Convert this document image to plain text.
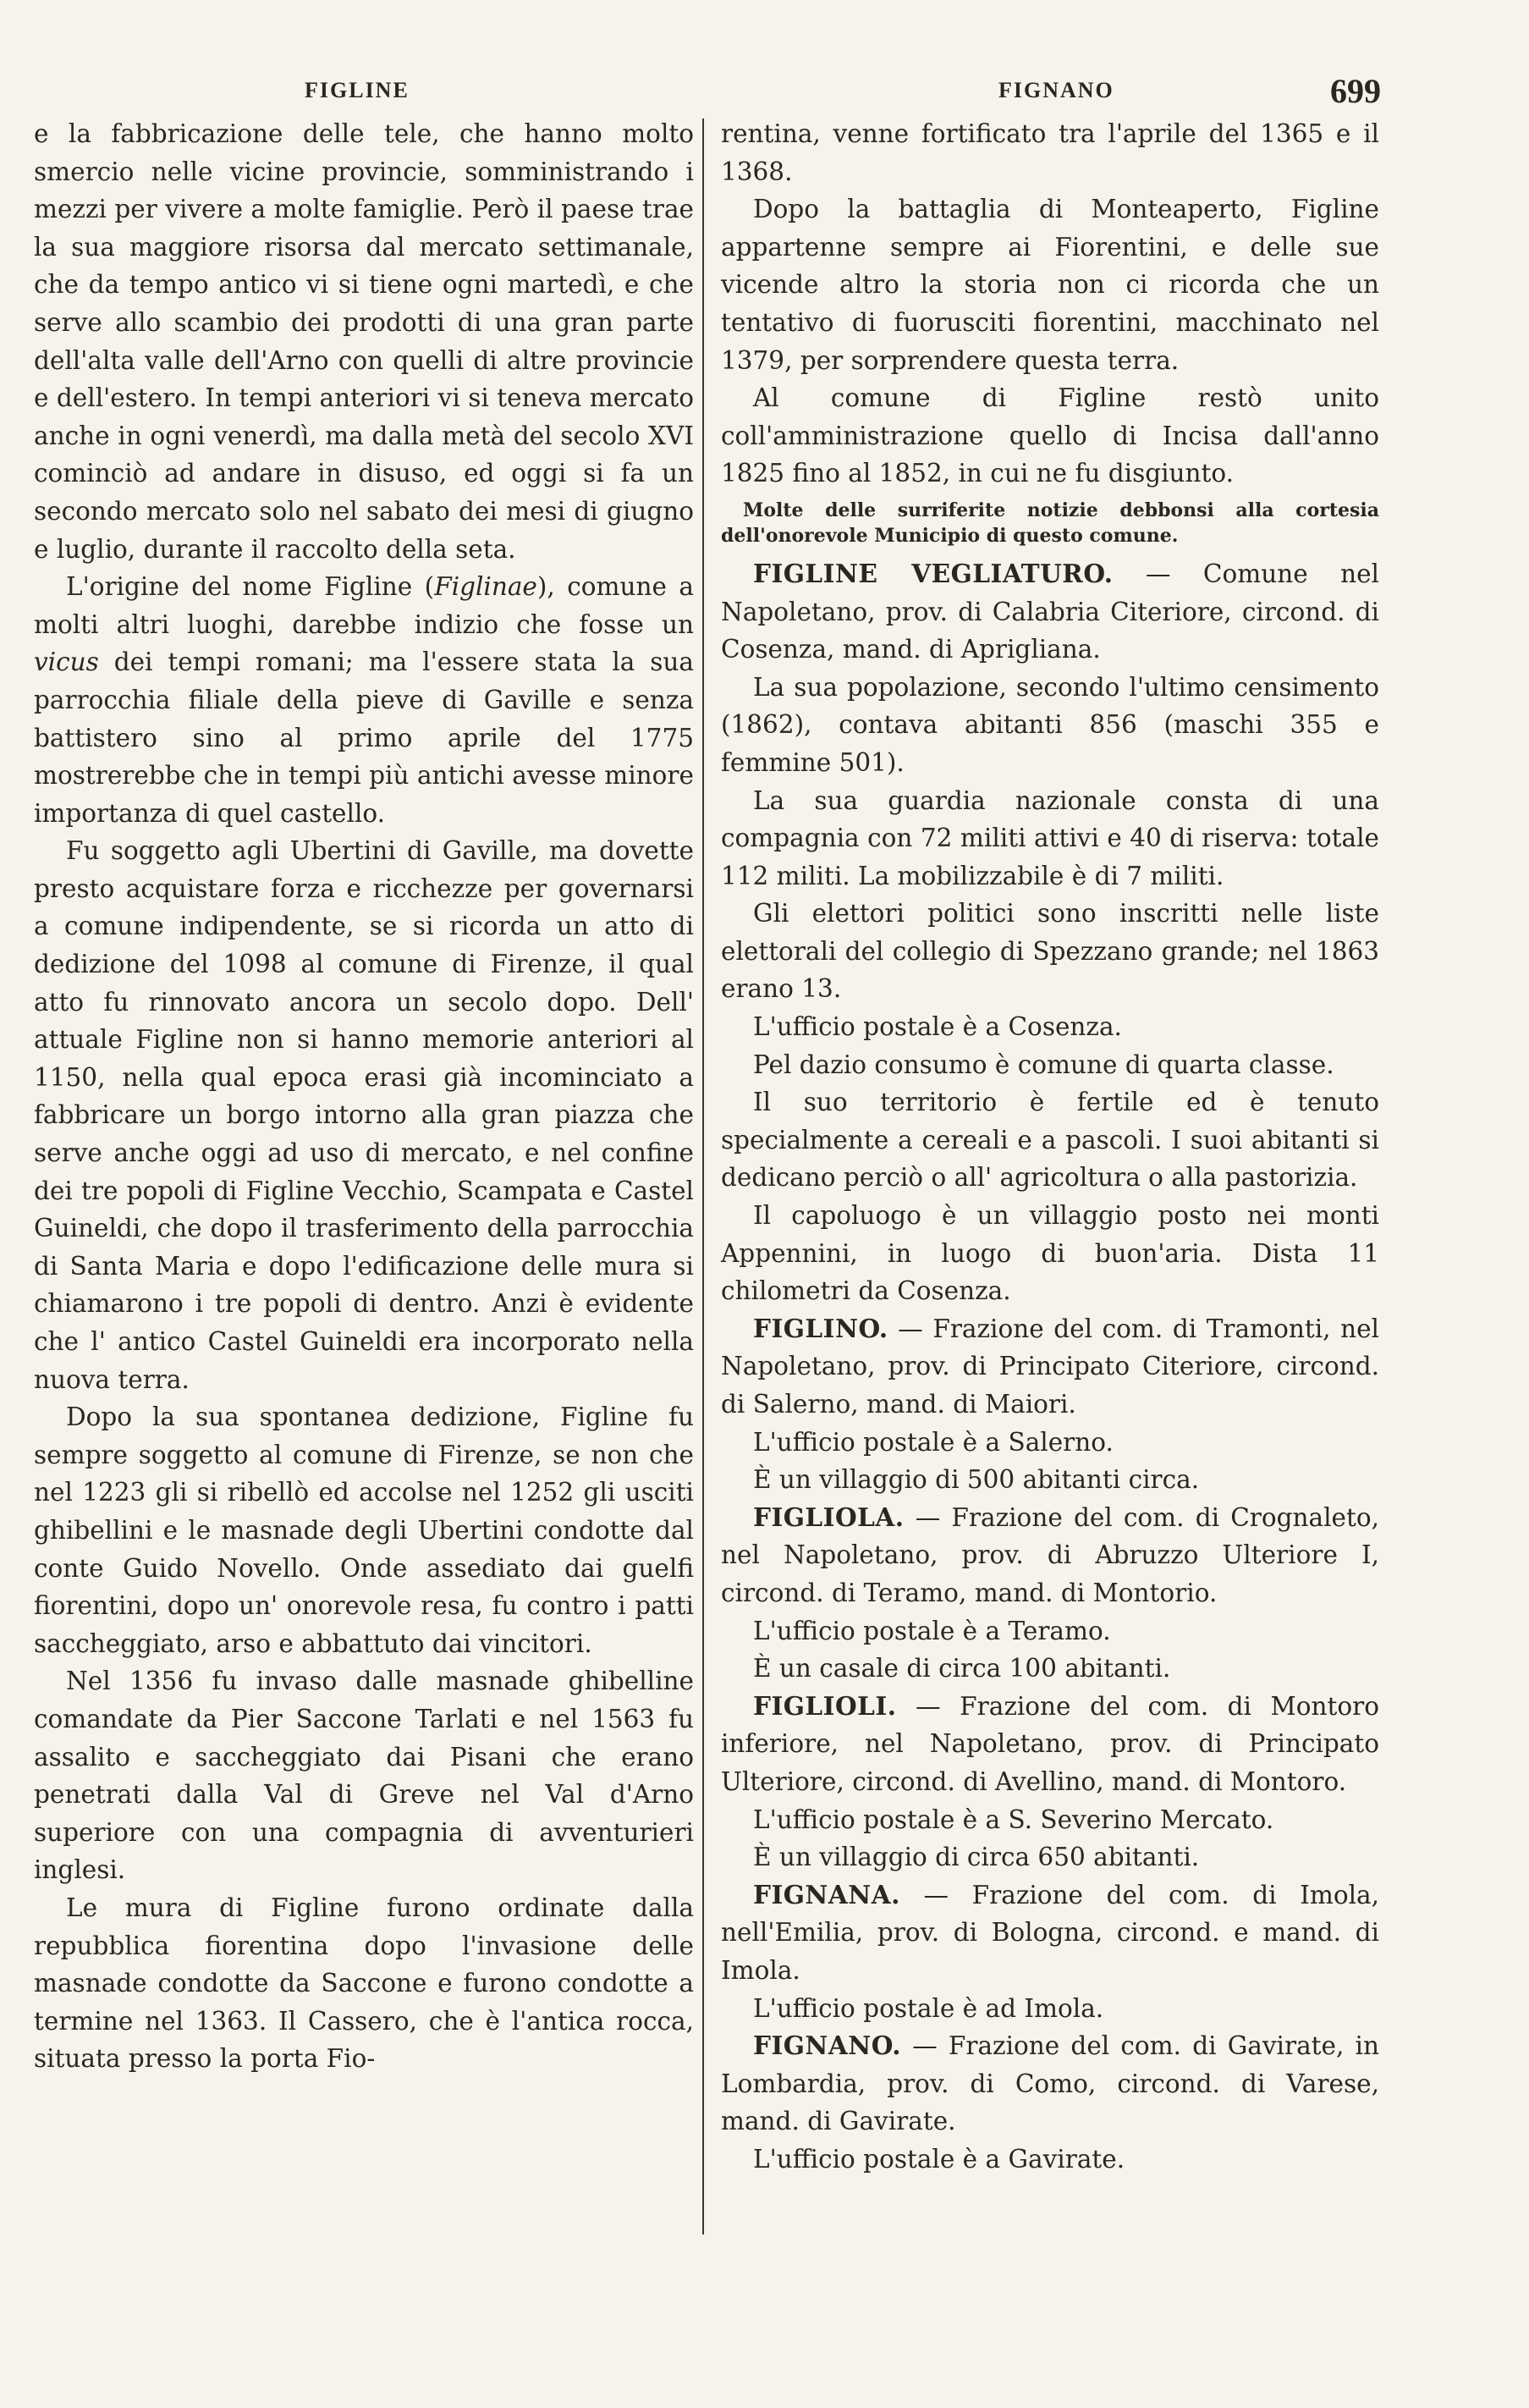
FIGLINE	FIGNANO	699

e la fabbricazione delle tele, che hanno molto smercio nelle vicine provincie, somministrando i mezzi per vivere a molte famiglie. Però il paese trae la sua maggiore risorsa dal mercato settimanale, che da tempo antico vi si tiene ogni martedì, e che serve allo scambio dei prodotti di una gran parte dell'alta valle dell'Arno con quelli di altre provincie e dell'estero. In tempi anteriori vi si teneva mercato anche in ogni venerdì, ma dalla metà del secolo XVI cominciò ad andare in disuso, ed oggi si fa un secondo mercato solo nel sabato dei mesi di giugno e luglio, durante il raccolto della seta.

L'origine del nome Figline (Figlinae), comune a molti altri luoghi, darebbe indizio che fosse un vicus dei tempi romani; ma l'essere stata la sua parrocchia filiale della pieve di Gaville e senza battistero sino al primo aprile del 1775 mostrerebbe che in tempi più antichi avesse minore importanza di quel castello.

Fu soggetto agli Ubertini di Gaville, ma dovette presto acquistare forza e ricchezze per governarsi a comune indipendente, se si ricorda un atto di dedizione del 1098 al comune di Firenze, il qual atto fu rinnovato ancora un secolo dopo. Dell' attuale Figline non si hanno memorie anteriori al 1150, nella qual epoca erasi già incominciato a fabbricare un borgo intorno alla gran piazza che serve anche oggi ad uso di mercato, e nel confine dei tre popoli di Figline Vecchio, Scampata e Castel Guineldi, che dopo il trasferimento della parrocchia di Santa Maria e dopo l'edificazione delle mura si chiamarono i tre popoli di dentro. Anzi è evidente che l' antico Castel Guineldi era incorporato nella nuova terra.

Dopo la sua spontanea dedizione, Figline fu sempre soggetto al comune di Firenze, se non che nel 1223 gli si ribellò ed accolse nel 1252 gli usciti ghibellini e le masnade degli Ubertini condotte dal conte Guido Novello. Onde assediato dai guelfi fiorentini, dopo un' onorevole resa, fu contro i patti saccheggiato, arso e abbattuto dai vincitori.

Nel 1356 fu invaso dalle masnade ghibelline comandate da Pier Saccone Tarlati e nel 1563 fu assalito e saccheggiato dai Pisani che erano penetrati dalla Val di Greve nel Val d'Arno superiore con una compagnia di avventurieri inglesi.

Le mura di Figline furono ordinate dalla repubblica fiorentina dopo l'invasione delle masnade condotte da Saccone e furono condotte a termine nel 1363. Il Cassero, che è l'antica rocca, situata presso la porta Fio-

rentina, venne fortificato tra l'aprile del 1365 e il 1368.

Dopo la battaglia di Monteaperto, Figline appartenne sempre ai Fiorentini, e delle sue vicende altro la storia non ci ricorda che un tentativo di fuorusciti fiorentini, macchinato nel 1379, per sorprendere questa terra.

Al comune di Figline restò unito coll'amministrazione quello di Incisa dall'anno 1825 fino al 1852, in cui ne fu disgiunto.

Molte delle surriferite notizie debbonsi alla cortesia dell'onorevole Municipio di questo comune.

FIGLINE VEGLIATURO. — Comune nel Napoletano, prov. di Calabria Citeriore, circond. di Cosenza, mand. di Aprigliana.

La sua popolazione, secondo l'ultimo censimento (1862), contava abitanti 856 (maschi 355 e femmine 501).

La sua guardia nazionale consta di una compagnia con 72 militi attivi e 40 di riserva: totale 112 militi. La mobilizzabile è di 7 militi.

Gli elettori politici sono inscritti nelle liste elettorali del collegio di Spezzano grande; nel 1863 erano 13.

L'ufficio postale è a Cosenza.

Pel dazio consumo è comune di quarta classe.

Il suo territorio è fertile ed è tenuto specialmente a cereali e a pascoli. I suoi abitanti si dedicano perciò o all' agricoltura o alla pastorizia.

Il capoluogo è un villaggio posto nei monti Appennini, in luogo di buon'aria. Dista 11 chilometri da Cosenza.

FIGLINO. — Frazione del com. di Tramonti, nel Napoletano, prov. di Principato Citeriore, circond. di Salerno, mand. di Maiori.

L'ufficio postale è a Salerno.

È un villaggio di 500 abitanti circa.

FIGLIOLA. — Frazione del com. di Crognaleto, nel Napoletano, prov. di Abruzzo Ulteriore I, circond. di Teramo, mand. di Montorio.

L'ufficio postale è a Teramo.

È un casale di circa 100 abitanti.

FIGLIOLI. — Frazione del com. di Montoro inferiore, nel Napoletano, prov. di Principato Ulteriore, circond. di Avellino, mand. di Montoro.

L'ufficio postale è a S. Severino Mercato.

È un villaggio di circa 650 abitanti.

FIGNANA. — Frazione del com. di Imola, nell'Emilia, prov. di Bologna, circond. e mand. di Imola.

L'ufficio postale è ad Imola.

FIGNANO. — Frazione del com. di Gavirate, in Lombardia, prov. di Como, circond. di Varese, mand. di Gavirate.

L'ufficio postale è a Gavirate.
